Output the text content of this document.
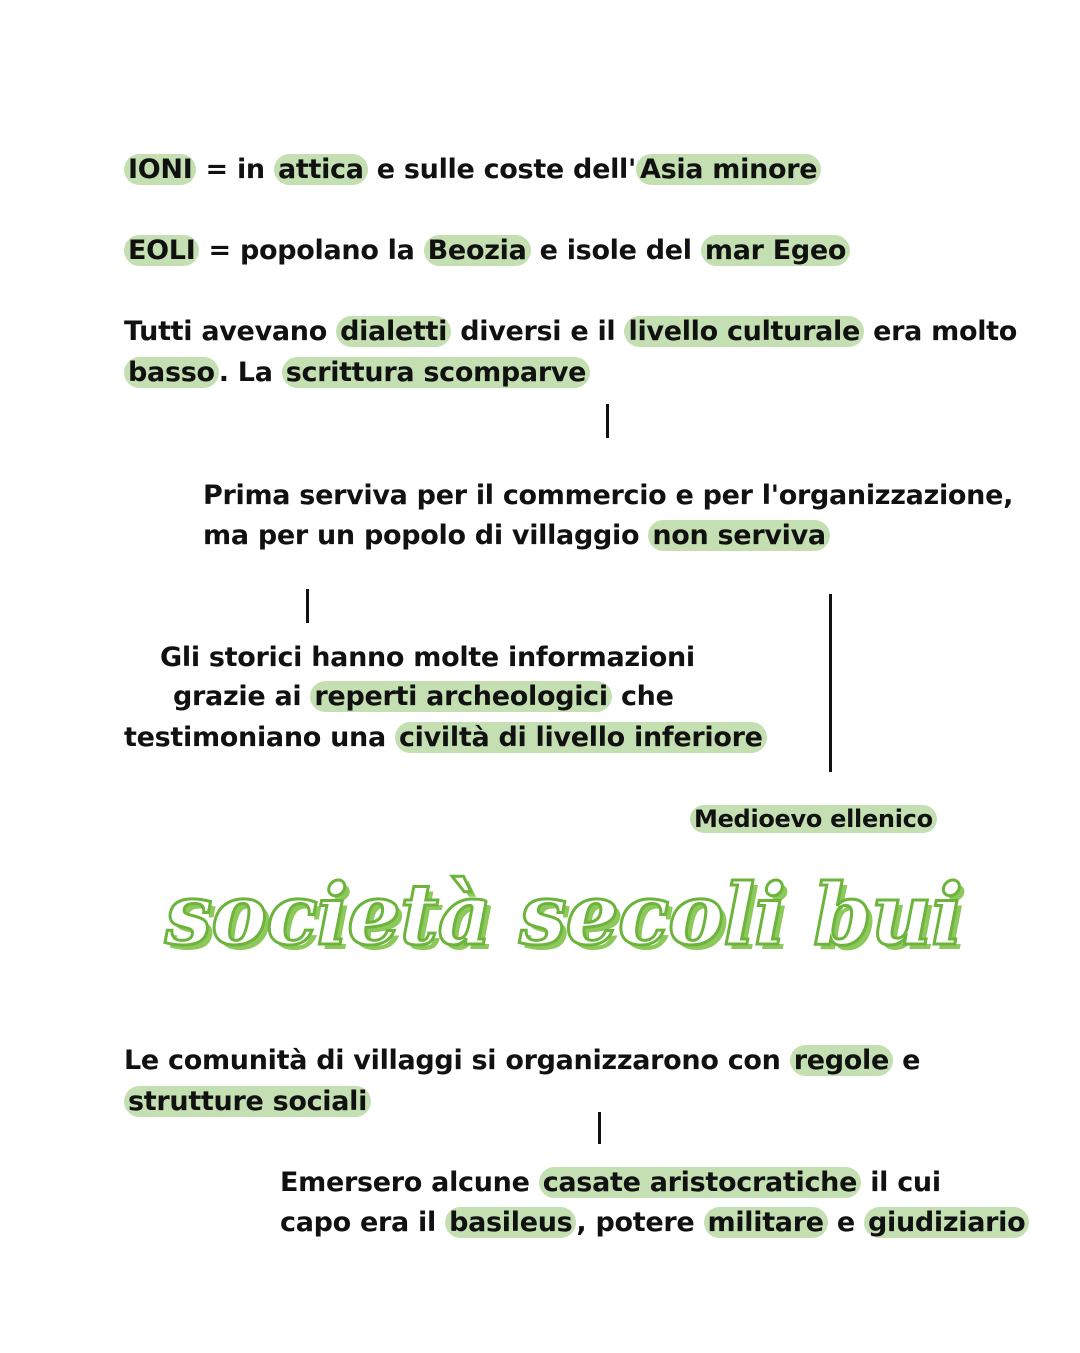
IONI = in attica e sulle coste dell' Asia minore
EOLI = popolano la Beozia e isole del mar Egeo
Tutti avevano dialetti diversi e il livello culturale era molto
basso . La scrittura scomparve
Prima serviva per il commercio e per l'organizzazione,
ma per un popolo di villaggio non serviva
Gli storici hanno molte informazioni
grazie ai reperti archeologici che
testimoniano una civiltà di livello inferiore
Medioevo ellenico
società secoli bui
Le comunità di villaggi si organizzarono con regole e
strutture sociali
Emersero alcune casate aristocratiche il cui
capo era il basileus , potere militare e giudiziario
